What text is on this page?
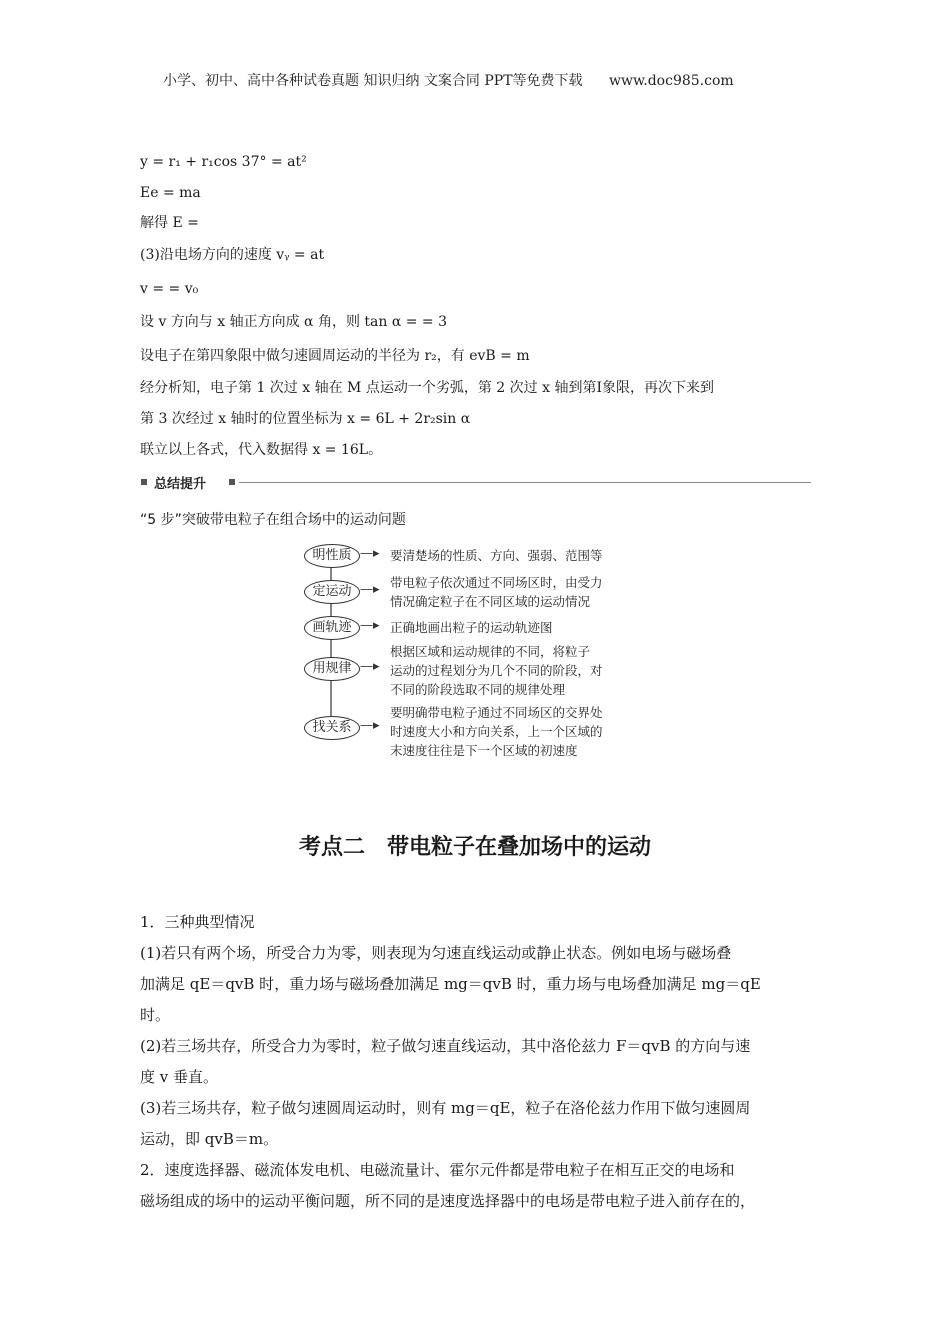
小学、初中、高中各种试卷真题 知识归纳 文案合同 PPT等免费下载 www.doc985.com
y = r₁ + r₁cos 37° = at²
Ee = ma
解得 E =
(3)沿电场方向的速度 vᵧ = at
v = = v₀
设 v 方向与 x 轴正方向成 α 角，则 tan α = = 3
设电子在第四象限中做匀速圆周运动的半径为 r₂，有 evB = m
经分析知，电子第 1 次过 x 轴在 M 点运动一个劣弧，第 2 次过 x 轴到第Ⅰ象限，再次下来到
第 3 次经过 x 轴时的位置坐标为 x = 6L + 2r₂sin α
联立以上各式，代入数据得 x = 16L。
总结提升
“5 步”突破带电粒子在组合场中的运动问题
明性质 —▸ 要清楚场的性质、方向、强弱、范围等
定运动 —▸ 带电粒子依次通过不同场区时，由受力
情况确定粒子在不同区域的运动情况
画轨迹 —▸ 正确地画出粒子的运动轨迹图
用规律 —▸
根据区域和运动规律的不同，将粒子
运动的过程划分为几个不同的阶段，对
不同的阶段选取不同的规律处理
找关系 —▸
要明确带电粒子通过不同场区的交界处
时速度大小和方向关系，上一个区域的
末速度往往是下一个区域的初速度
考点二　带电粒子在叠加场中的运动
1．三种典型情况
(1)若只有两个场，所受合力为零，则表现为匀速直线运动或静止状态。例如电场与磁场叠
加满足 qE＝qvB 时，重力场与磁场叠加满足 mg＝qvB 时，重力场与电场叠加满足 mg＝qE
时。
(2)若三场共存，所受合力为零时，粒子做匀速直线运动，其中洛伦兹力 F＝qvB 的方向与速
度 v 垂直。
(3)若三场共存，粒子做匀速圆周运动时，则有 mg＝qE，粒子在洛伦兹力作用下做匀速圆周
运动，即 qvB＝m。
2．速度选择器、磁流体发电机、电磁流量计、霍尔元件都是带电粒子在相互正交的电场和
磁场组成的场中的运动平衡问题，所不同的是速度选择器中的电场是带电粒子进入前存在的，
